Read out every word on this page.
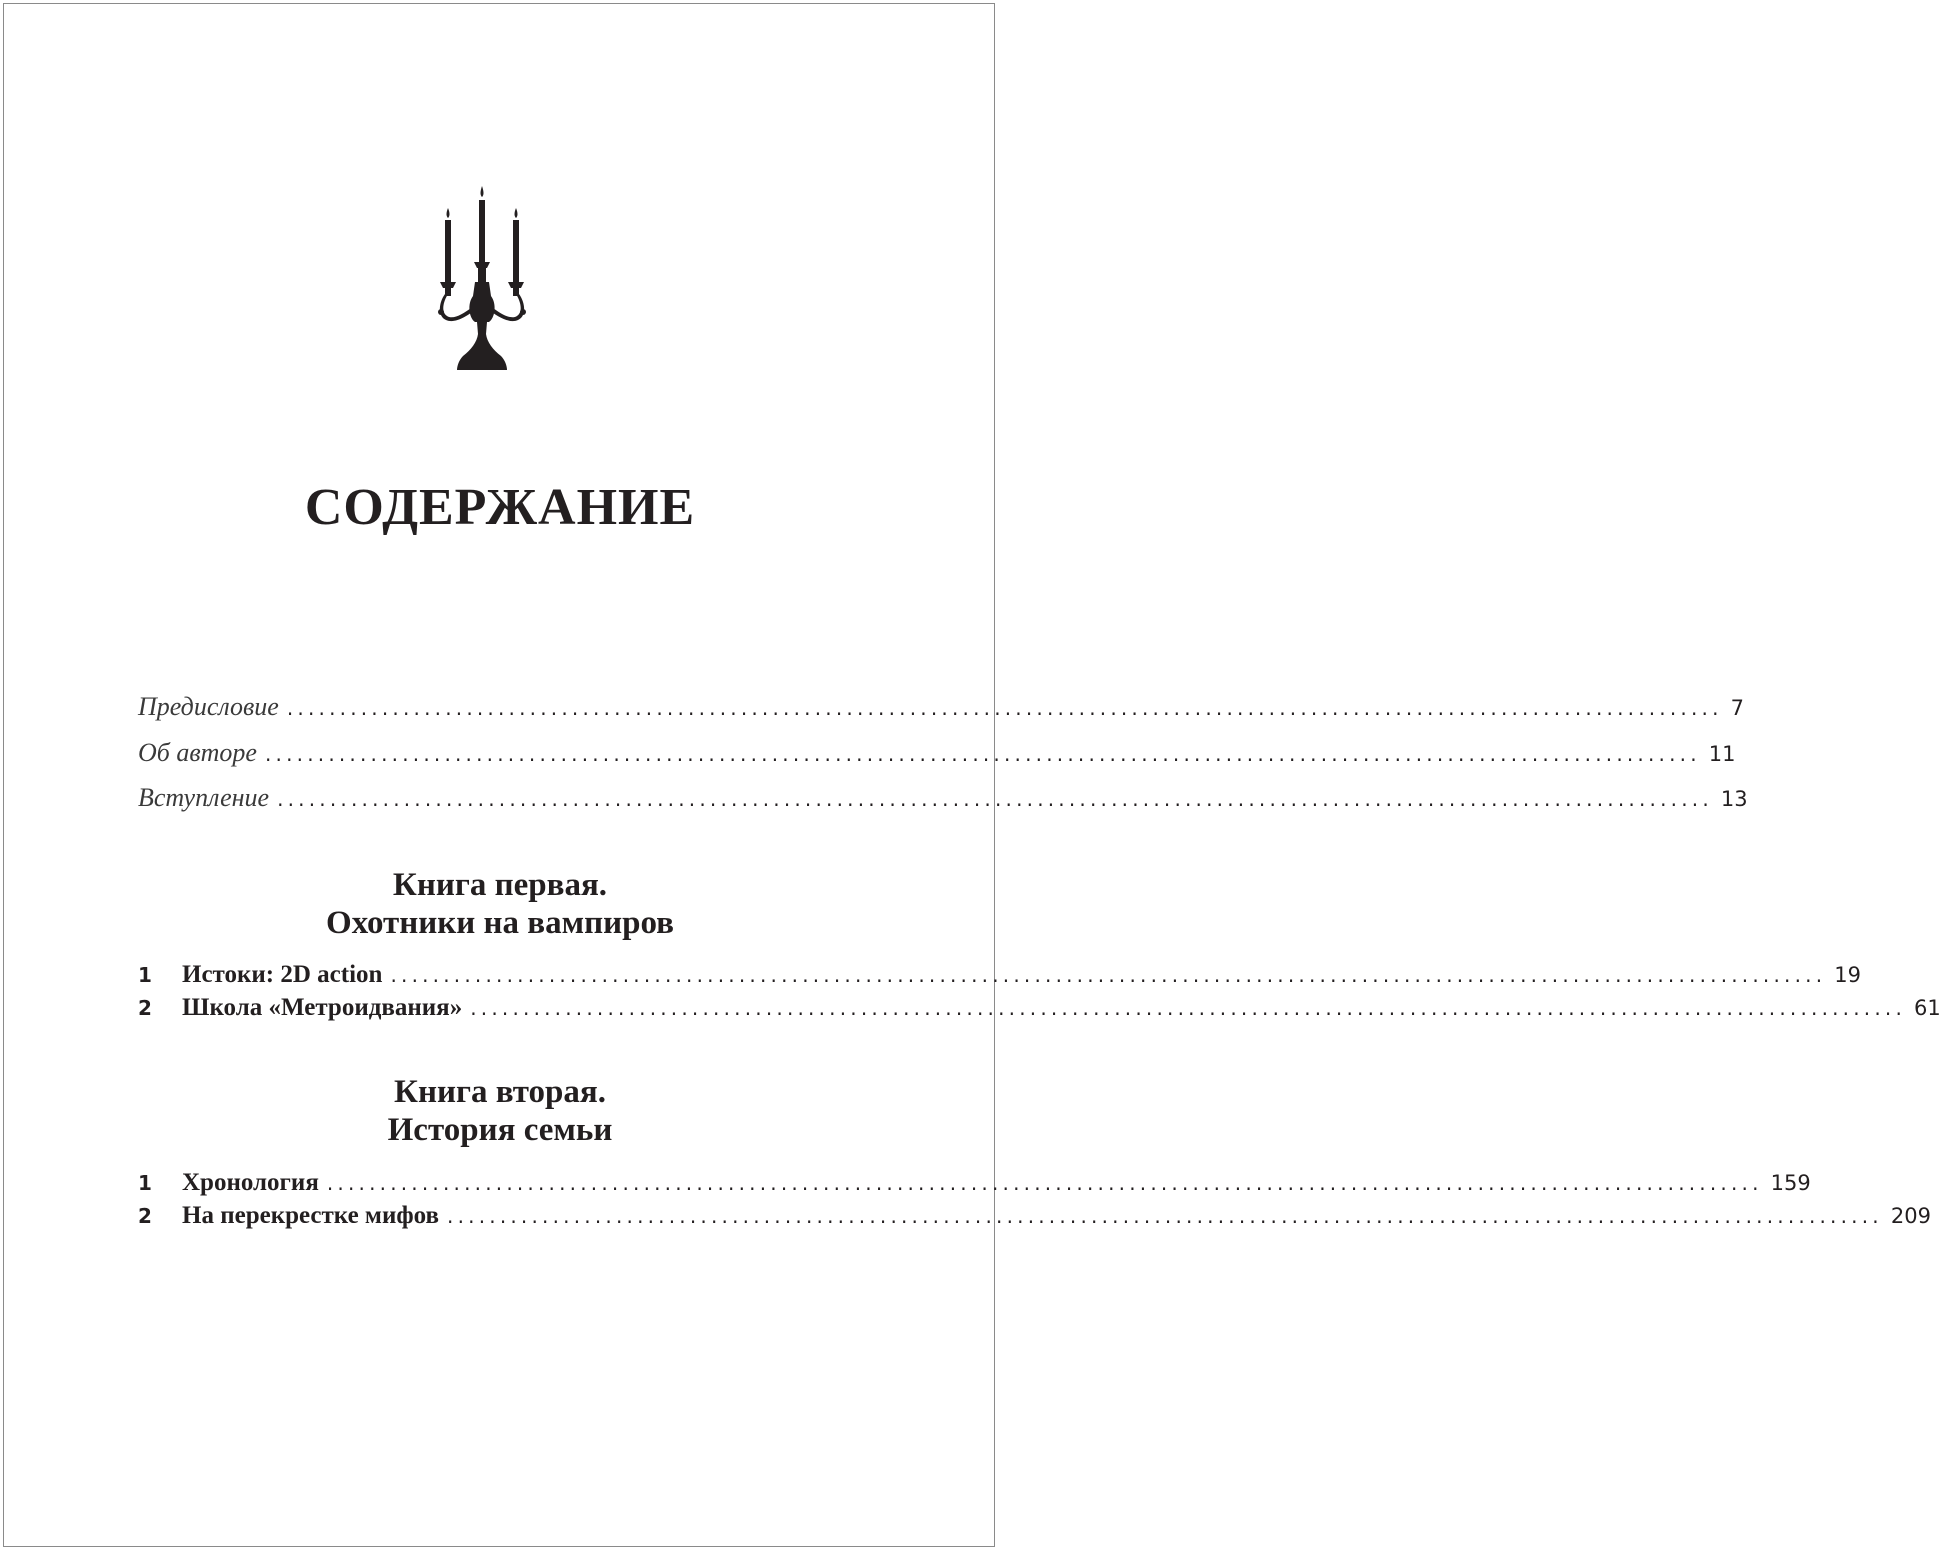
СОДЕРЖАНИЕ
Предисловие ........................................................................................................................................ 7
Об авторе ........................................................................................................................................ 11
Вступление ........................................................................................................................................ 13
Книга первая.
Охотники на вампиров
1	Истоки: 2D action ........................................................................................................................................ 19
2	Школа «Метроидвания» ........................................................................................................................................ 61
Книга вторая.
История семьи
1	Хронология ........................................................................................................................................ 159
2	На перекрестке мифов ........................................................................................................................................ 209
